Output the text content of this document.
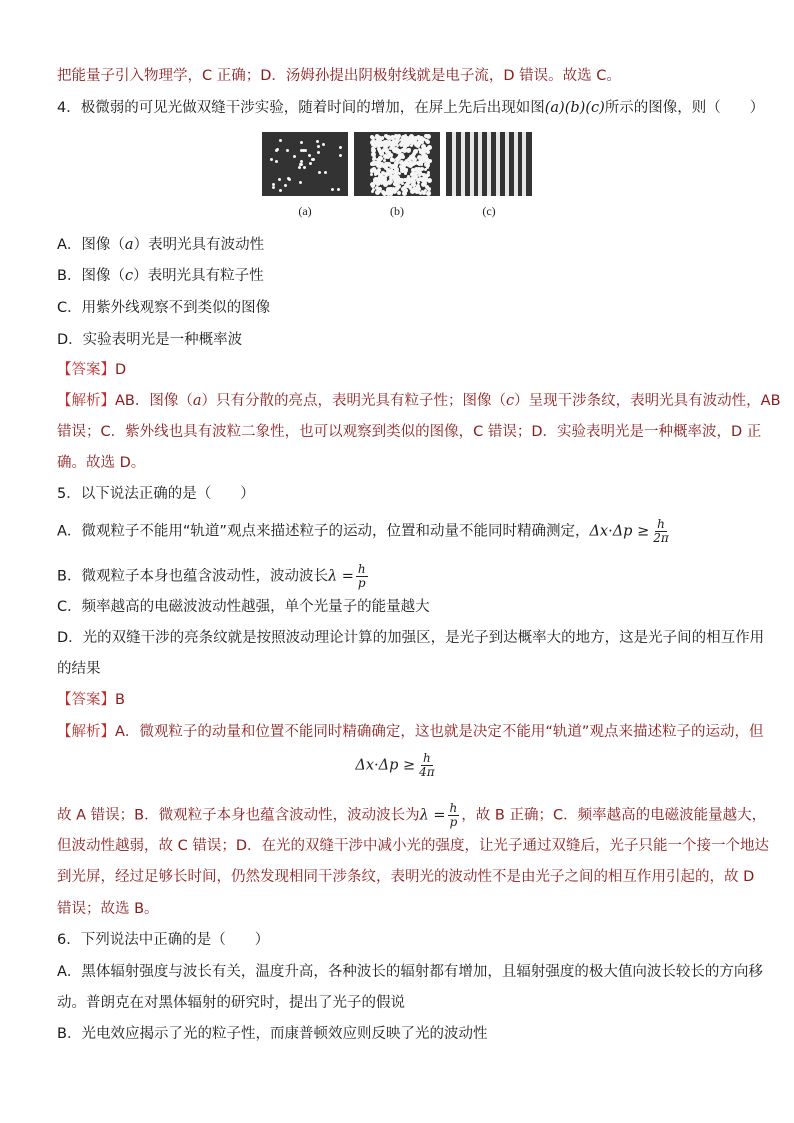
把能量子引入物理学，C 正确；D．汤姆孙提出阴极射线就是电子流，D 错误。故选 C。
4．极微弱的可见光做双缝干涉实验，随着时间的增加，在屏上先后出现如图(a)(b)(c)所示的图像，则（　　）
(a)	(b)	(c)
A．图像（a）表明光具有波动性
B．图像（c）表明光具有粒子性
C．用紫外线观察不到类似的图像
D．实验表明光是一种概率波
【答案】D
【解析】AB．图像（a）只有分散的亮点，表明光具有粒子性；图像（c）呈现干涉条纹，表明光具有波动性，AB
错误；C．紫外线也具有波粒二象性，也可以观察到类似的图像，C 错误；D．实验表明光是一种概率波，D 正
确。故选 D。
5．以下说法正确的是（　　）
A．微观粒子不能用“轨道”观点来描述粒子的运动，位置和动量不能同时精确测定，$\Delta x\cdot\Delta p \ge \frac{h}{2\pi}$
B．微观粒子本身也蕴含波动性，波动波长$\lambda = \frac{h}{p}$
C．频率越高的电磁波波动性越强，单个光量子的能量越大
D．光的双缝干涉的亮条纹就是按照波动理论计算的加强区，是光子到达概率大的地方，这是光子间的相互作用
的结果
【答案】B
【解析】A．微观粒子的动量和位置不能同时精确确定，这也就是决定不能用“轨道”观点来描述粒子的运动，但
$\Delta x\cdot\Delta p \ge \frac{h}{4\pi}$
故 A 错误；B．微观粒子本身也蕴含波动性，波动波长为$\lambda = \frac{h}{p}$ ，故 B 正确；C．频率越高的电磁波能量越大，
但波动性越弱，故 C 错误；D．在光的双缝干涉中减小光的强度，让光子通过双缝后，光子只能一个接一个地达
到光屏，经过足够长时间，仍然发现相同干涉条纹，表明光的波动性不是由光子之间的相互作用引起的，故 D
错误；故选 B。
6．下列说法中正确的是（　　）
A．黑体辐射强度与波长有关，温度升高，各种波长的辐射都有增加，且辐射强度的极大值向波长较长的方向移
动。普朗克在对黑体辐射的研究时，提出了光子的假说
B．光电效应揭示了光的粒子性，而康普顿效应则反映了光的波动性
